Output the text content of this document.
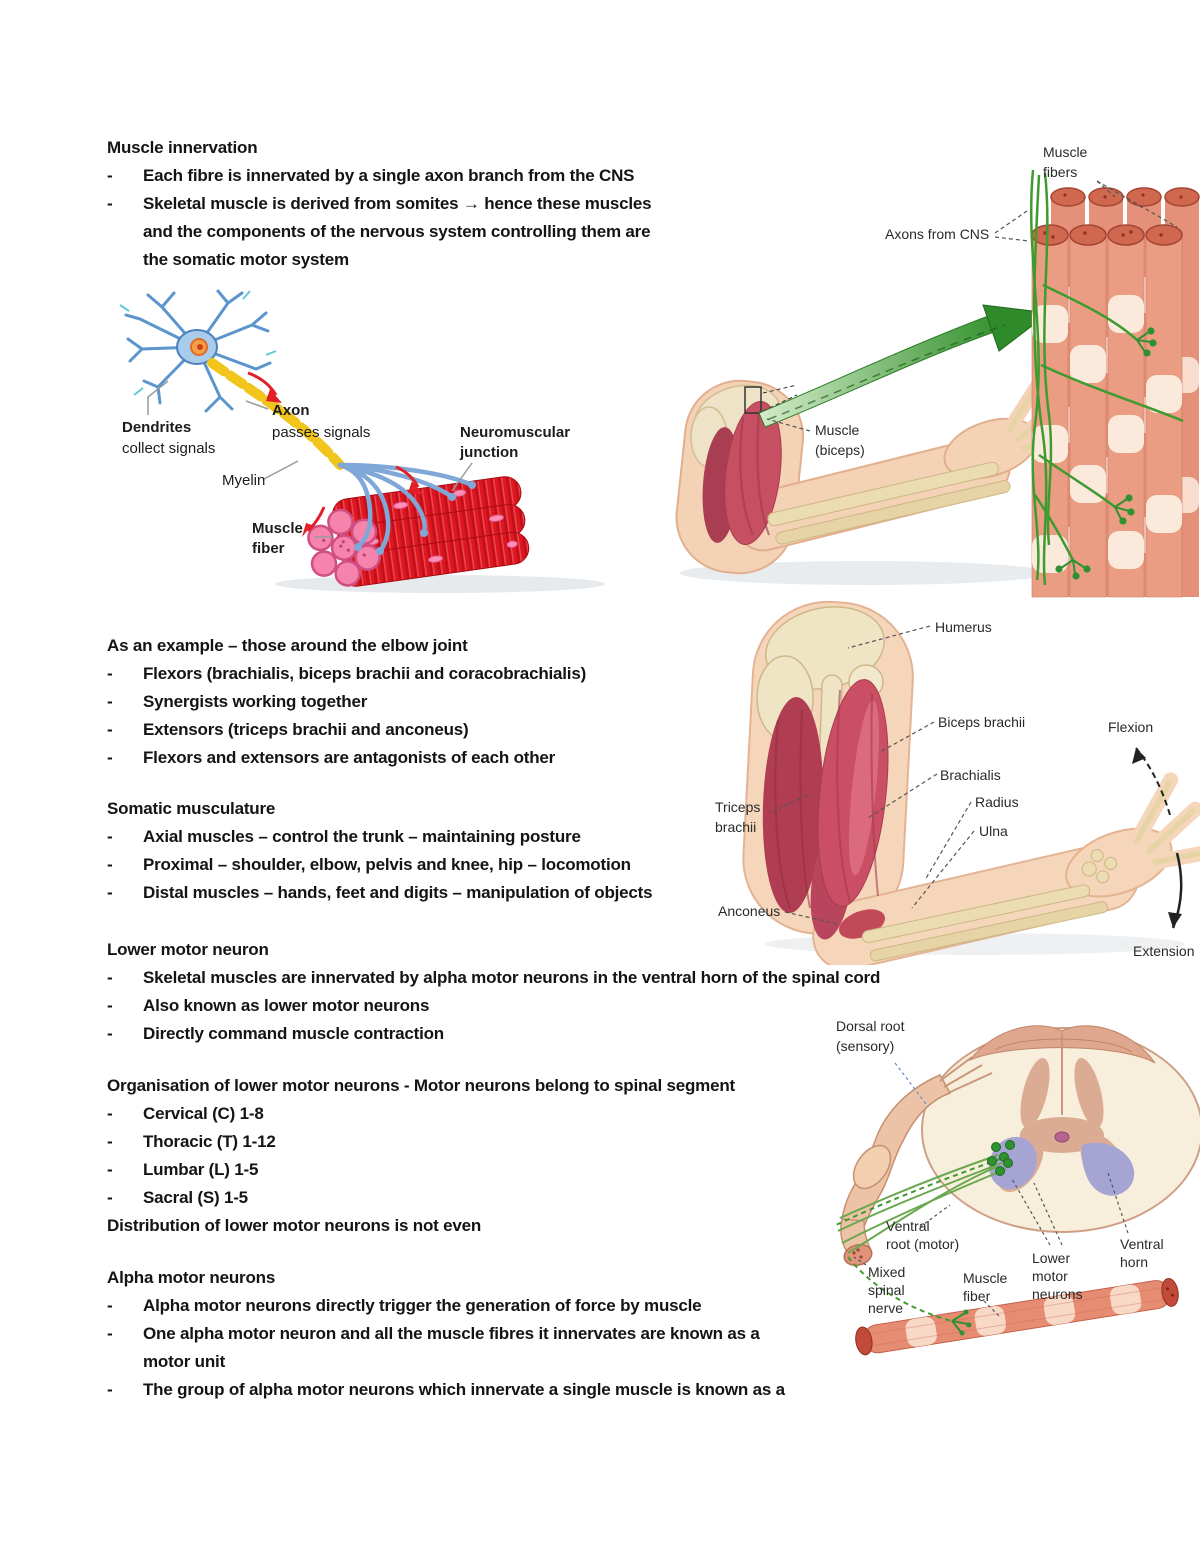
Muscle innervation
-	Each fibre is innervated by a single axon branch from the CNS

-	Skeletal muscle is derived from somites → hence these muscles and the components of the nervous system controlling them are the somatic motor system

As an example – those around the elbow joint
-	Flexors (brachialis, biceps brachii and coracobrachialis)

-	Synergists working together

-	Extensors (triceps brachii and anconeus)

-	Flexors and extensors are antagonists of each other

Somatic musculature
-	Axial muscles – control the trunk – maintaining posture

-	Proximal – shoulder, elbow, pelvis and knee, hip – locomotion

-	Distal muscles – hands, feet and digits – manipulation of objects

Lower motor neuron
-	Skeletal muscles are innervated by alpha motor neurons in the ventral horn of the spinal cord

-	Also known as lower motor neurons

-	Directly command muscle contraction

Organisation of lower motor neurons - Motor neurons belong to spinal segment
-	Cervical (C) 1-8

-	Thoracic (T) 1-12

-	Lumbar (L) 1-5

-	Sacral (S) 1-5

Distribution of lower motor neurons is not even

Alpha motor neurons
-	Alpha motor neurons directly trigger the generation of force by muscle

-	One alpha motor neuron and all the muscle fibres it innervates are known as a motor unit

-	The group of alpha motor neurons which innervate a single muscle is known as a

Dendrites
collect signals
Axon
passes signals
Myelin
Neuromuscular
junction
Muscle
fiber
Muscle
fibers
Axons from CNS
Muscle
(biceps)
Humerus
Biceps brachii
Brachialis
Flexion
Triceps
brachii
Radius
Ulna
Anconeus
Extension
Dorsal root
(sensory)
Ventral
root (motor)
Mixed
spinal
nerve
Muscle
fiber
Lower
motor
neurons
Ventral
horn
